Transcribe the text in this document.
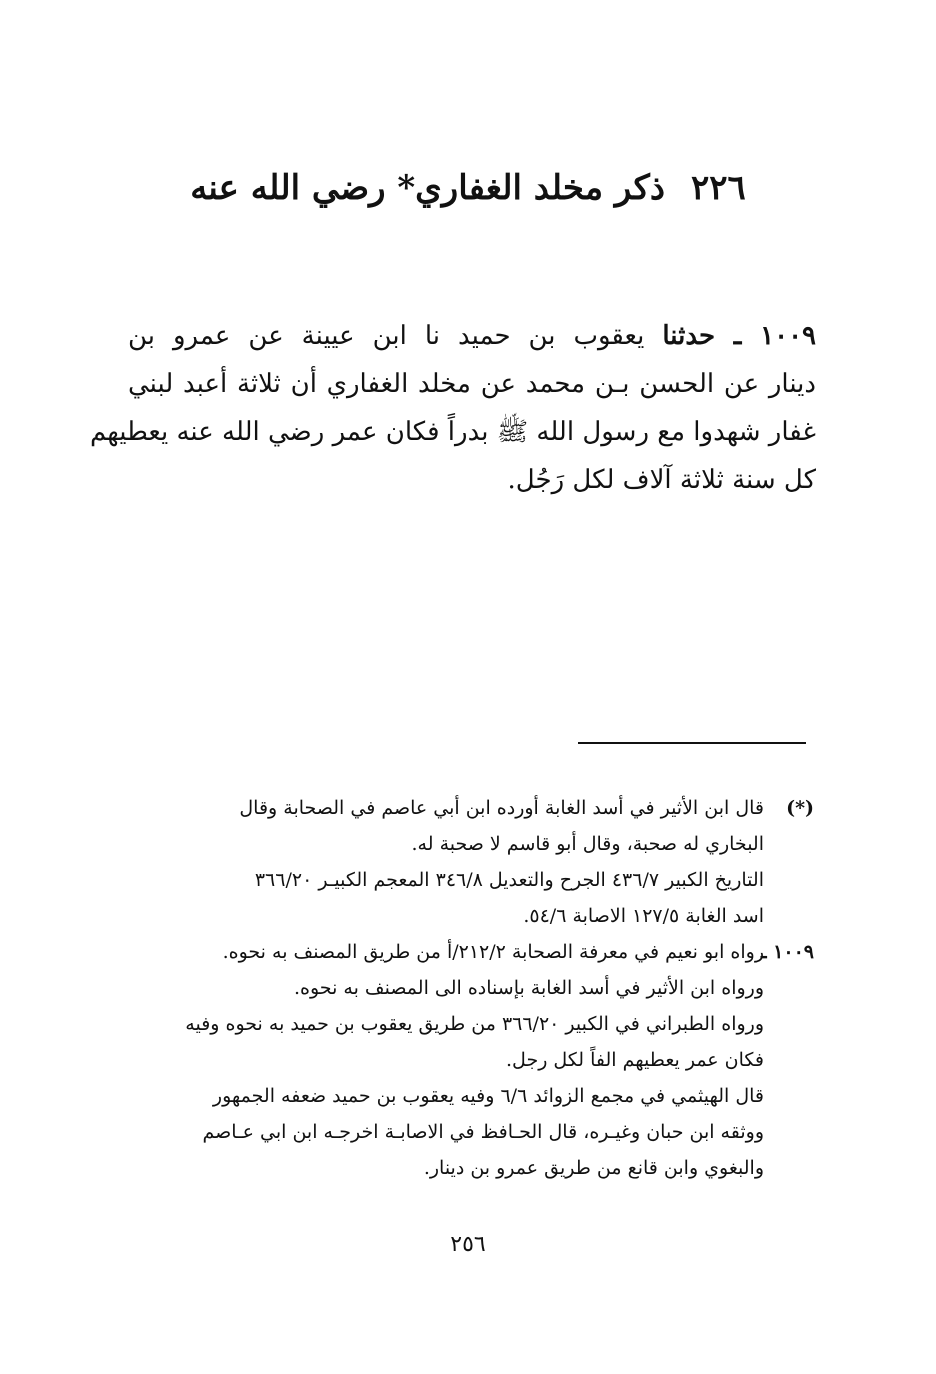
٢٢٦ذكر مخلد الغفاري* رضي الله عنه
١٠٠٩ ـ حدثنا يعقوب بن حميد نا ابن عيينة عن عمرو بن
دينار عن الحسن بـن محمد عن مخلد الغفاري أن ثلاثة أعبد لبني
غفار شهدوا مع رسول الله ﷺ بدراً فكان عمر رضي الله عنه يعطيهم
كل سنة ثلاثة آلاف لكل رَجُل.
(*)
قال ابن الأثير في أسد الغابة أورده ابن أبي عاصم في الصحابة وقال
البخاري له صحبة، وقال أبو قاسم لا صحبة له.
التاريخ الكبير ٤٣٦/٧ الجرح والتعديل ٣٤٦/٨ المعجم الكبيـر ٣٦٦/٢٠
اسد الغابة ١٢٧/٥ الاصابة ٥٤/٦.
١٠٠٩ ـ
رواه ابو نعيم في معرفة الصحابة ٢١٢/٢/أ من طريق المصنف به نحوه.
ورواه ابن الأثير في أسد الغابة بإسناده الى المصنف به نحوه.
ورواه الطبراني في الكبير ٣٦٦/٢٠ من طريق يعقوب بن حميد به نحوه وفيه
فكان عمر يعطيهم الفاً لكل رجل.
قال الهيثمي في مجمع الزوائد ٦/٦ وفيه يعقوب بن حميد ضعفه الجمهور
ووثقه ابن حبان وغيـره، قال الحـافظ في الاصابـة اخرجـه ابن ابي عـاصم
والبغوي وابن قانع من طريق عمرو بن دينار.
٢٥٦
